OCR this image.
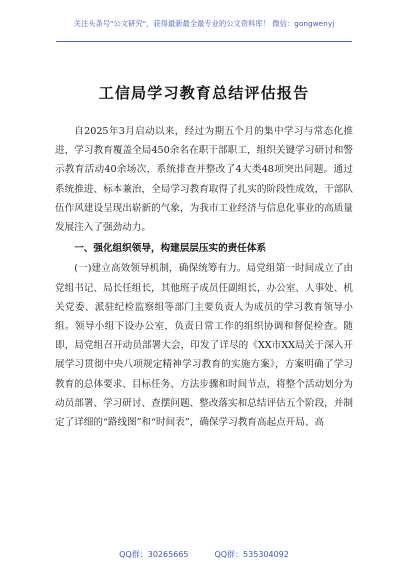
关注头条号"公文研究"，获得最新最全最专业的公文资料库！ 微信：gongwenyj
工信局学习教育总结评估报告

自2025年3月启动以来，经过为期五个月的集中学习与常态化推进，学习教育覆盖全局450余名在职干部职工，组织关键学习研讨和警示教育活动40余场次，系统排查并整改了4大类48项突出问题。通过系统推进、标本兼治，全局学习教育取得了扎实的阶段性成效，干部队伍作风建设呈现出崭新的气象，为我市工业经济与信息化事业的高质量发展注入了强劲动力。

一、强化组织领导，构建层层压实的责任体系

(一)建立高效领导机制，确保统筹有力。局党组第一时间成立了由党组书记、局长任组长，其他班子成员任副组长，办公室、人事处、机关党委、派驻纪检监察组等部门主要负责人为成员的学习教育领导小组。领导小组下设办公室，负责日常工作的组织协调和督促检查。随即，局党组召开动员部署大会，印发了详尽的《XX市XX局关于深入开展学习贯彻中央八项规定精神学习教育的实施方案》，方案明确了学习教育的总体要求、目标任务、方法步骤和时间节点，将整个活动划分为动员部署、学习研讨、查摆问题、整改落实和总结评估五个阶段，并制定了详细的“路线图”和“时间表”，确保学习教育高起点开局、高

QQ群：30265665	QQ群：535304092
